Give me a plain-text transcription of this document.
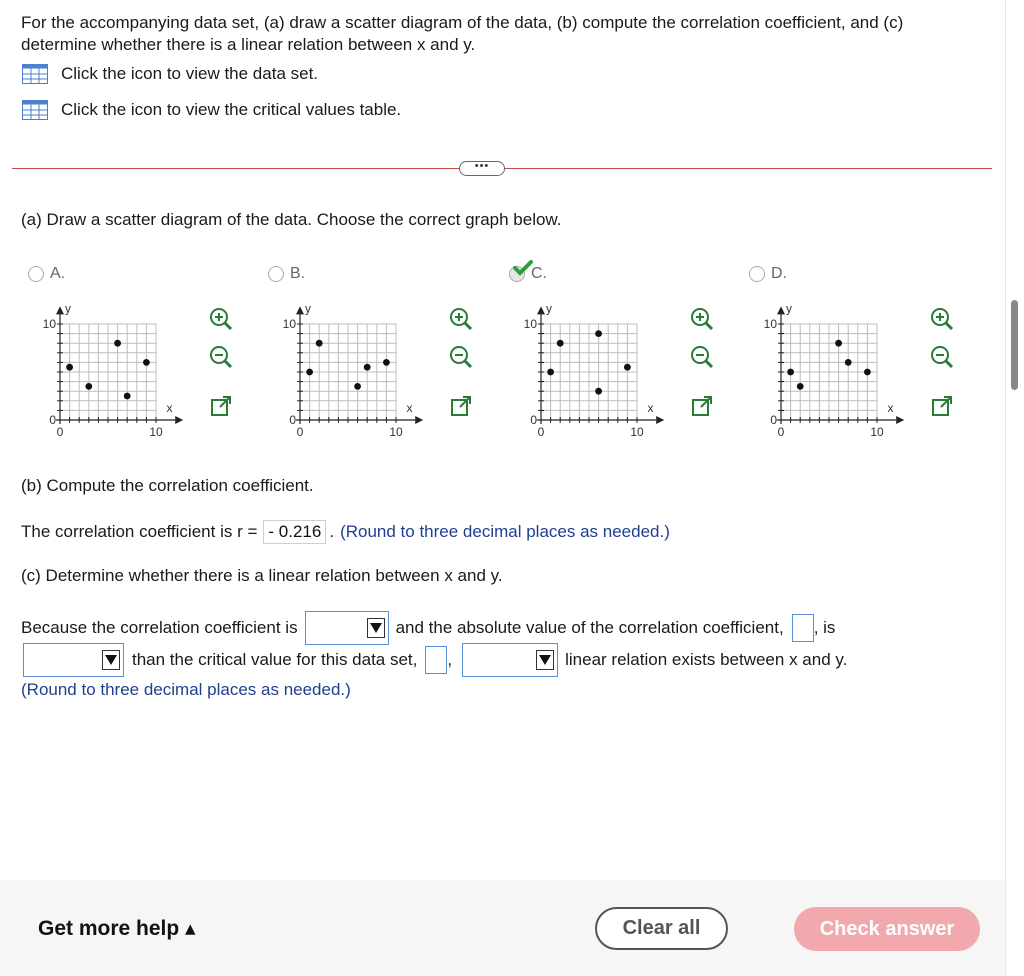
For the accompanying data set, (a) draw a scatter diagram of the data, (b) compute the correlation coefficient, and (c)
determine whether there is a linear relation between x and y.
Click the icon to view the data set.
Click the icon to view the critical values table.
•••
(a) Draw a scatter diagram of the data. Choose the correct graph below.
A.
y
x
10
0
0	10
B.
y
x
10
0
0	10
C.
y
x
10
0
0	10
D.
y
x
10
0
0	10
(b) Compute the correlation coefficient.
The correlation coefficient is r = - 0.216 . (Round to three decimal places as needed.)
(c) Determine whether there is a linear relation between x and y.
Because the correlation coefficient is	and the absolute value of the correlation coefficient, , is
than the critical value for this data set, ,	linear relation exists between x and y.
(Round to three decimal places as needed.)
Get more help ▴	Clear all	Check answer
